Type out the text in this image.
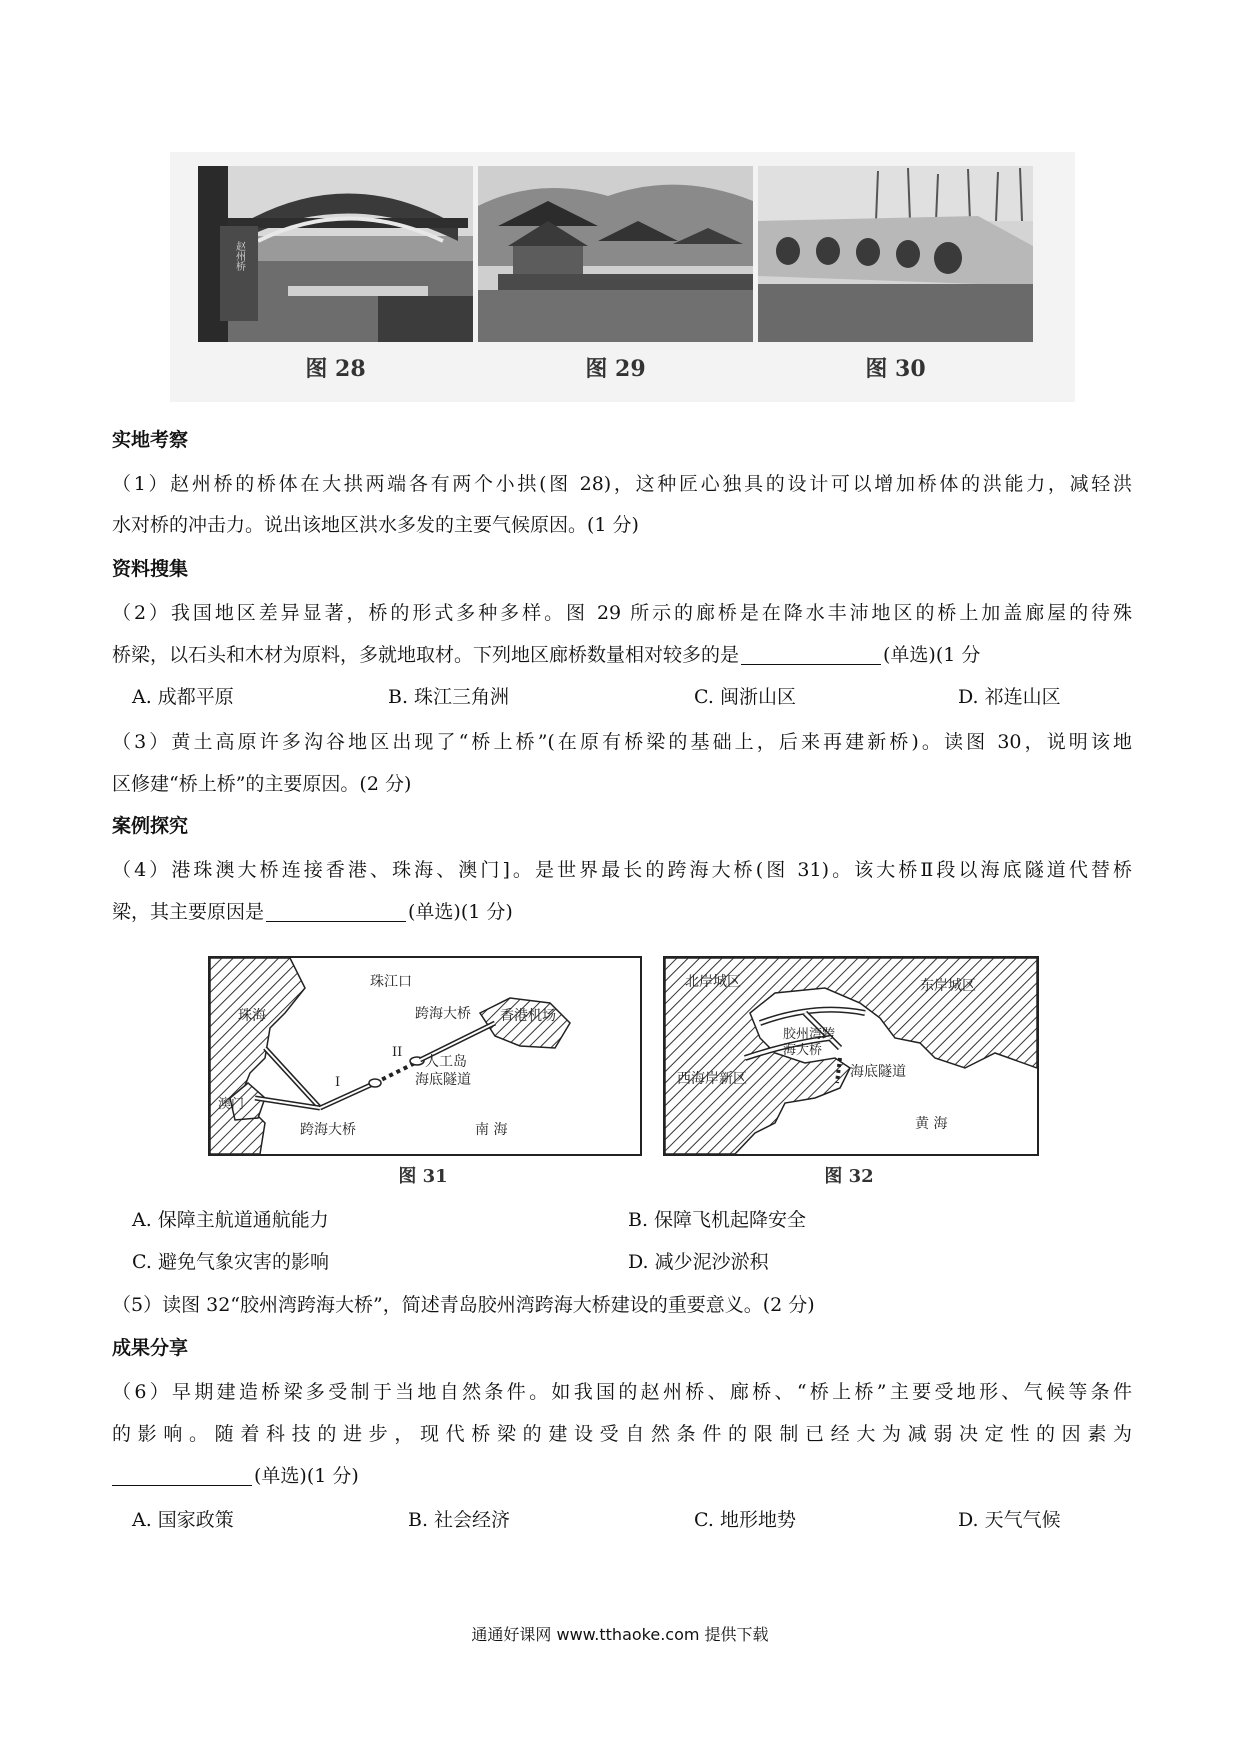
赵州桥
图 28	图 29	图 30
实地考察
（1）赵州桥的桥体在大拱两端各有两个小拱(图 28)，这种匠心独具的设计可以增加桥体的洪能力，减轻洪
水对桥的冲击力。说出该地区洪水多发的主要气候原因。(1 分)
资料搜集
（2）我国地区差异显著，桥的形式多种多样。图 29 所示的廊桥是在降水丰沛地区的桥上加盖廊屋的待殊
桥梁，以石头和木材为原料，多就地取材。下列地区廊桥数量相对较多的是	(单选)(1 分
A. 成都平原	B. 珠江三角洲	C. 闽浙山区	D. 祁连山区
（3）黄土高原许多沟谷地区出现了“桥上桥”(在原有桥梁的基础上，后来再建新桥)。读图 30，说明该地
区修建“桥上桥”的主要原因。(2 分)
案例探究
（4）港珠澳大桥连接香港、珠海、澳门]。是世界最长的跨海大桥(图 31)。该大桥Ⅱ段以海底隧道代替桥
梁，其主要原因是	(单选)(1 分)
珠江口
珠海	跨海大桥 香港机场
II
人工岛
海底隧道
I
澳门
跨海大桥	南 海
图 31
北岸城区	东岸城区
胶州湾跨
海大桥
西海岸新区	海底隧道
黄 海
图 32
A. 保障主航道通航能力	B. 保障飞机起降安全
C. 避免气象灾害的影响	D. 减少泥沙淤积
（5）读图 32“胶州湾跨海大桥”，简述青岛胶州湾跨海大桥建设的重要意义。(2 分)
成果分享
（6）早期建造桥梁多受制于当地自然条件。如我国的赵州桥、廊桥、“桥上桥”主要受地形、气候等条件
的影响。随着科技的进步，现代桥梁的建设受自然条件的限制已经大为减弱决定性的因素为
(单选)(1 分)
A. 国家政策	B. 社会经济	C. 地形地势	D. 天气气候
通通好课网 www.tthaoke.com 提供下载
